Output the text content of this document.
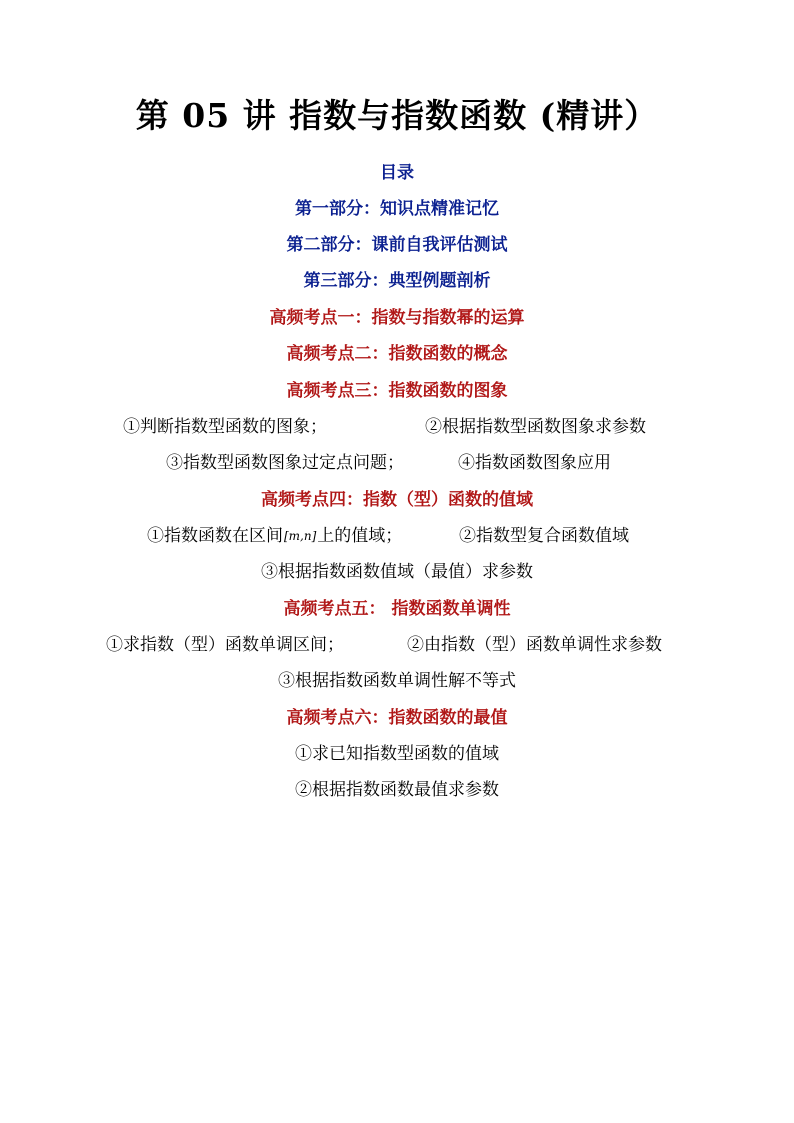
第 05 讲 指数与指数函数 (精讲）
目录
第一部分：知识点精准记忆
第二部分：课前自我评估测试
第三部分：典型例题剖析
高频考点一：指数与指数幂的运算
高频考点二：指数函数的概念
高频考点三：指数函数的图象
①判断指数型函数的图象；	②根据指数型函数图象求参数
③指数型函数图象过定点问题；	④指数函数图象应用
高频考点四：指数（型）函数的值域
①指数函数在区间[m,n]上的值域；	②指数型复合函数值域
③根据指数函数值域（最值）求参数
高频考点五： 指数函数单调性
①求指数（型）函数单调区间；	②由指数（型）函数单调性求参数
③根据指数函数单调性解不等式
高频考点六：指数函数的最值
①求已知指数型函数的值域
②根据指数函数最值求参数
